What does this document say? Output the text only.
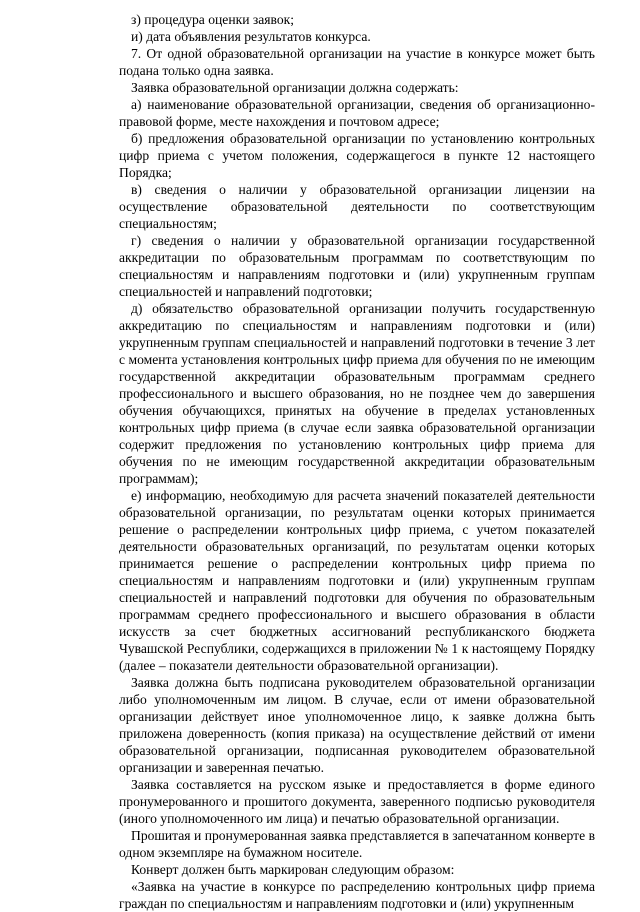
з) процедура оценки заявок;

и) дата объявления результатов конкурса.

7. От одной образовательной организации на участие в конкурсе может быть подана только одна заявка.

Заявка образовательной организации должна содержать:

а) наименование образовательной организации, сведения об организационно-правовой форме, месте нахождения и почтовом адресе;

б) предложения образовательной организации по установлению контрольных цифр приема с учетом положения, содержащегося в пункте 12 настоящего Порядка;

в) сведения о наличии у образовательной организации лицензии на осуществление образовательной деятельности по соответствующим специальностям;

г) сведения о наличии у образовательной организации государственной аккредитации по образовательным программам по соответствующим по специальностям и направлениям подготовки и (или) укрупненным группам специальностей и направлений подготовки;

д) обязательство образовательной организации получить государственную аккредитацию по специальностям и направлениям подготовки и (или) укрупненным группам специальностей и направлений подготовки в течение 3 лет с момента установления контрольных цифр приема для обучения по не имеющим государственной аккредитации образовательным программам среднего профессионального и высшего образования, но не позднее чем до завершения обучения обучающихся, принятых на обучение в пределах установленных контрольных цифр приема (в случае если заявка образовательной организации содержит предложения по установлению контрольных цифр приема для обучения по не имеющим государственной аккредитации образовательным программам);

е) информацию, необходимую для расчета значений показателей деятельности образовательной организации, по результатам оценки которых принимается решение о распределении контрольных цифр приема, с учетом показателей деятельности образовательных организаций, по результатам оценки которых принимается решение о распределении контрольных цифр приема по специальностям и направлениям подготовки и (или) укрупненным группам специальностей и направлений подготовки для обучения по образовательным программам среднего профессионального и высшего образования в области искусств за счет бюджетных ассигнований республиканского бюджета Чувашской Республики, содержащихся в приложении № 1 к настоящему Порядку (далее – показатели деятельности образовательной организации).

Заявка должна быть подписана руководителем образовательной организации либо уполномоченным им лицом. В случае, если от имени образовательной организации действует иное уполномоченное лицо, к заявке должна быть приложена доверенность (копия приказа) на осуществление действий от имени образовательной организации, подписанная руководителем образовательной организации и заверенная печатью.

Заявка составляется на русском языке и предоставляется в форме единого пронумерованного и прошитого документа, заверенного подписью руководителя (иного уполномоченного им лица) и печатью образовательной организации.

Прошитая и пронумерованная заявка представляется в запечатанном конверте в одном экземпляре на бумажном носителе.

Конверт должен быть маркирован следующим образом:

«Заявка на участие в конкурсе по распределению контрольных цифр приема граждан по специальностям и направлениям подготовки и (или) укрупненным
